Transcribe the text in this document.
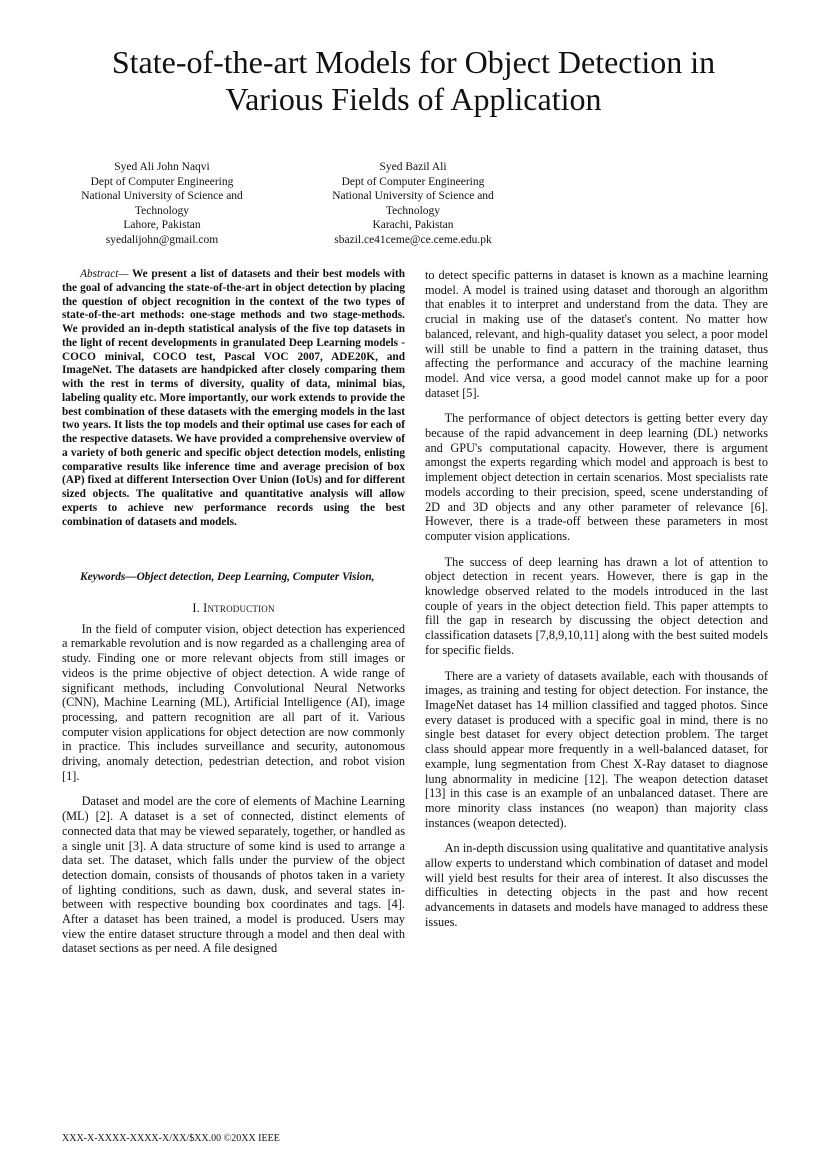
State-of-the-art Models for Object Detection in Various Fields of Application
Syed Ali John Naqvi
Dept of Computer Engineering
National University of Science and Technology
Lahore, Pakistan
syedalijohn@gmail.com
Syed Bazil Ali
Dept of Computer Engineering
National University of Science and Technology
Karachi, Pakistan
sbazil.ce41ceme@ce.ceme.edu.pk

Abstract— We present a list of datasets and their best models with the goal of advancing the state-of-the-art in object detection by placing the question of object recognition in the context of the two types of state-of-the-art methods: one-stage methods and two stage-methods. We provided an in-depth statistical analysis of the five top datasets in the light of recent developments in granulated Deep Learning models - COCO minival, COCO test, Pascal VOC 2007, ADE20K, and ImageNet. The datasets are handpicked after closely comparing them with the rest in terms of diversity, quality of data, minimal bias, labeling quality etc. More importantly, our work extends to provide the best combination of these datasets with the emerging models in the last two years. It lists the top models and their optimal use cases for each of the respective datasets. We have provided a comprehensive overview of a variety of both generic and specific object detection models, enlisting comparative results like inference time and average precision of box (AP) fixed at different Intersection Over Union (IoUs) and for different sized objects. The qualitative and quantitative analysis will allow experts to achieve new performance records using the best combination of datasets and models.

Keywords—Object detection, Deep Learning, Computer Vision,
I. Introduction

In the field of computer vision, object detection has experienced a remarkable revolution and is now regarded as a challenging area of study. Finding one or more relevant objects from still images or videos is the prime objective of object detection. A wide range of significant methods, including Convolutional Neural Networks (CNN), Machine Learning (ML), Artificial Intelligence (AI), image processing, and pattern recognition are all part of it. Various computer vision applications for object detection are now commonly in practice. This includes surveillance and security, autonomous driving, anomaly detection, pedestrian detection, and robot vision [1].

Dataset and model are the core of elements of Machine Learning (ML) [2]. A dataset is a set of connected, distinct elements of connected data that may be viewed separately, together, or handled as a single unit [3]. A data structure of some kind is used to arrange a data set. The dataset, which falls under the purview of the object detection domain, consists of thousands of photos taken in a variety of lighting conditions, such as dawn, dusk, and several states in-between with respective bounding box coordinates and tags. [4]. After a dataset has been trained, a model is produced. Users may view the entire dataset structure through a model and then deal with dataset sections as per need. A file designed

to detect specific patterns in dataset is known as a machine learning model. A model is trained using dataset and thorough an algorithm that enables it to interpret and understand from the data. They are crucial in making use of the dataset's content. No matter how balanced, relevant, and high-quality dataset you select, a poor model will still be unable to find a pattern in the training dataset, thus affecting the performance and accuracy of the machine learning model. And vice versa, a good model cannot make up for a poor dataset [5].

The performance of object detectors is getting better every day because of the rapid advancement in deep learning (DL) networks and GPU's computational capacity. However, there is argument amongst the experts regarding which model and approach is best to implement object detection in certain scenarios. Most specialists rate models according to their precision, speed, scene understanding of 2D and 3D objects and any other parameter of relevance [6]. However, there is a trade-off between these parameters in most computer vision applications.

The success of deep learning has drawn a lot of attention to object detection in recent years. However, there is gap in the knowledge observed related to the models introduced in the last couple of years in the object detection field. This paper attempts to fill the gap in research by discussing the object detection and classification datasets [7,8,9,10,11] along with the best suited models for specific fields.

There are a variety of datasets available, each with thousands of images, as training and testing for object detection. For instance, the ImageNet dataset has 14 million classified and tagged photos. Since every dataset is produced with a specific goal in mind, there is no single best dataset for every object detection problem. The target class should appear more frequently in a well-balanced dataset, for example, lung segmentation from Chest X-Ray dataset to diagnose lung abnormality in medicine [12]. The weapon detection dataset [13] in this case is an example of an unbalanced dataset. There are more minority class instances (no weapon) than majority class instances (weapon detected).

An in-depth discussion using qualitative and quantitative analysis allow experts to understand which combination of dataset and model will yield best results for their area of interest. It also discusses the difficulties in detecting objects in the past and how recent advancements in datasets and models have managed to address these issues.

XXX-X-XXXX-XXXX-X/XX/$XX.00 ©20XX IEEE
